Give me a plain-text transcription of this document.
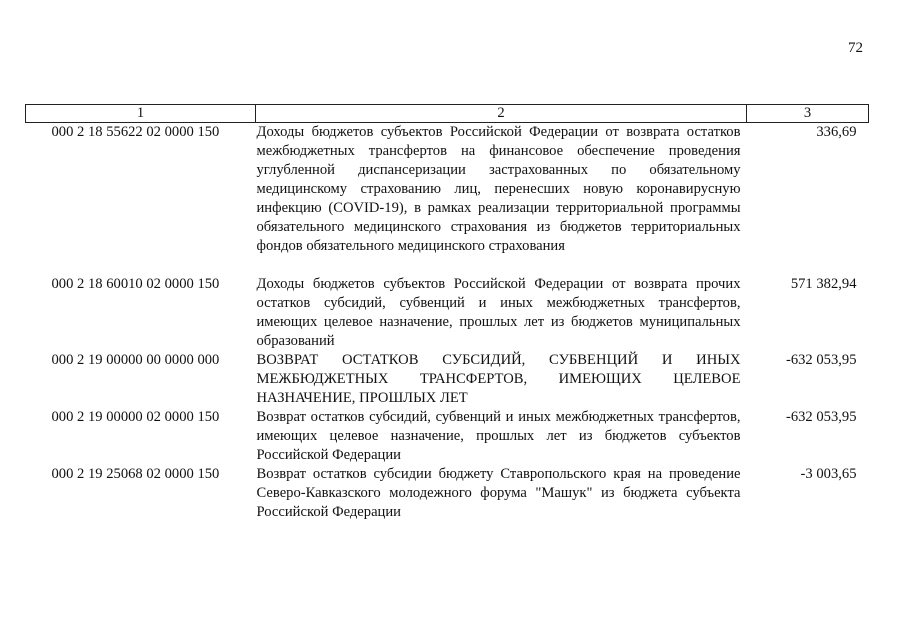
72
1	2	3
000 2 18 55622 02 0000 150	Доходы бюджетов субъектов Российской Федерации от возврата остатков межбюджетных трансфертов на финансовое обеспечение проведения углубленной диспансеризации застрахованных по обязательному медицинскому страхованию лиц, перенесших новую коронавирусную инфекцию (COVID-19), в рамках реализации территориальной программы обязательного медицинского страхования из бюджетов территориальных фондов обязательного медицинского страхования	336,69
000 2 18 60010 02 0000 150	Доходы бюджетов субъектов Российской Федерации от возврата прочих остатков субсидий, субвенций и иных межбюджетных трансфертов, имеющих целевое назначение, прошлых лет из бюджетов муниципальных образований	571 382,94
000 2 19 00000 00 0000 000	ВОЗВРАТ ОСТАТКОВ СУБСИДИЙ, СУБВЕНЦИЙ И ИНЫХ МЕЖБЮДЖЕТНЫХ ТРАНСФЕРТОВ, ИМЕЮЩИХ ЦЕЛЕВОЕ НАЗНАЧЕНИЕ, ПРОШЛЫХ ЛЕТ	-632 053,95
000 2 19 00000 02 0000 150	Возврат остатков субсидий, субвенций и иных межбюджетных трансфертов, имеющих целевое назначение, прошлых лет из бюджетов субъектов Российской Федерации	-632 053,95
000 2 19 25068 02 0000 150	Возврат остатков субсидии бюджету Ставропольского края на проведение Северо-Кавказского молодежного форума "Машук" из бюджета субъекта Российской Федерации	-3 003,65
